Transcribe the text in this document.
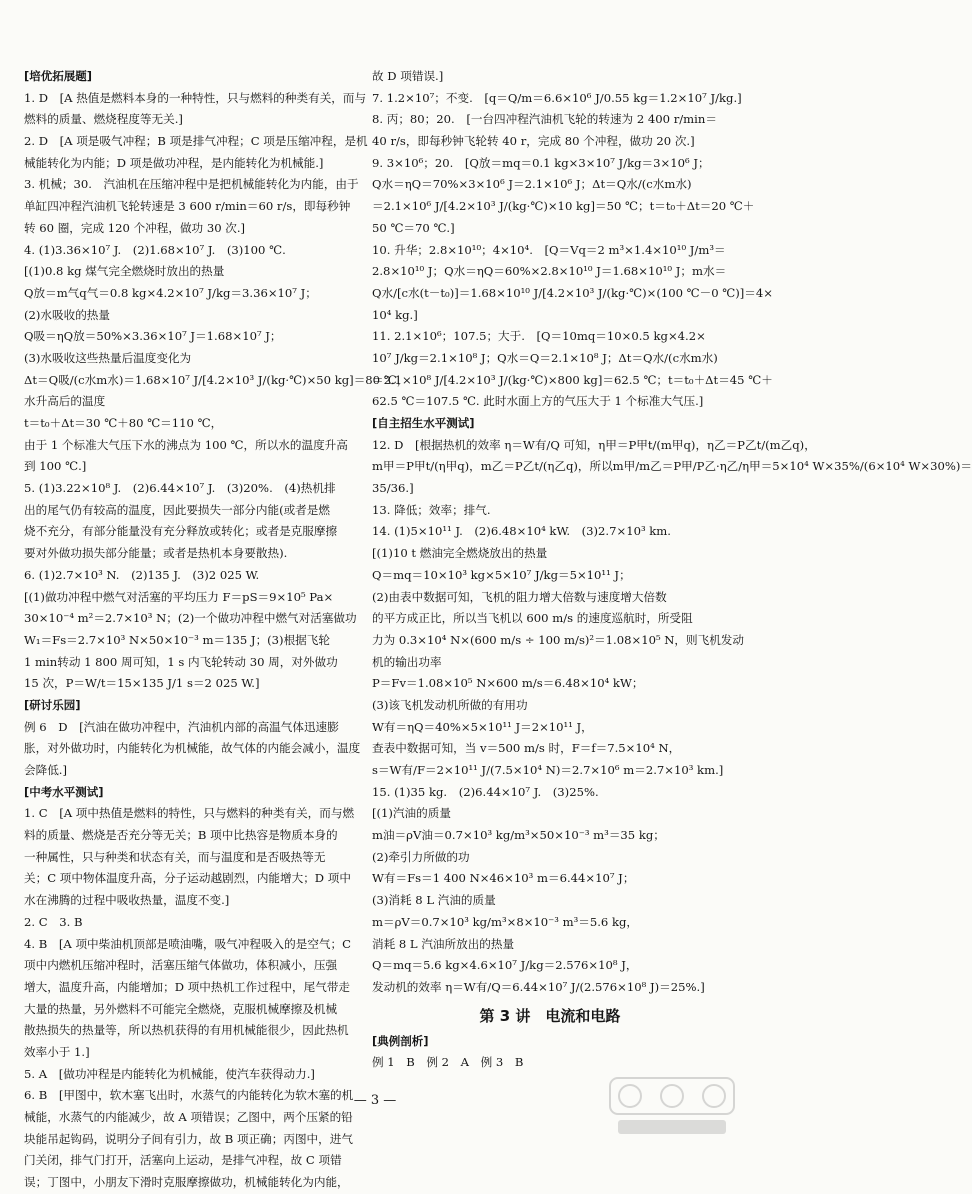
[培优拓展题]
1. D　[A 热值是燃料本身的一种特性，只与燃料的种类有关，而与
燃料的质量、燃烧程度等无关.]
2. D　[A 项是吸气冲程；B 项是排气冲程；C 项是压缩冲程，是机
械能转化为内能；D 项是做功冲程，是内能转化为机械能.]
3. 机械；30.　汽油机在压缩冲程中是把机械能转化为内能，由于
单缸四冲程汽油机飞轮转速是 3 600 r/min＝60 r/s，即每秒钟
转 60 圈，完成 120 个冲程，做功 30 次.]
4. (1)3.36×10⁷ J.　(2)1.68×10⁷ J.　(3)100 ℃.
[(1)0.8 kg 煤气完全燃烧时放出的热量
Q放＝m气q气＝0.8 kg×4.2×10⁷ J/kg＝3.36×10⁷ J；
(2)水吸收的热量
Q吸＝ηQ放＝50%×3.36×10⁷ J＝1.68×10⁷ J；
(3)水吸收这些热量后温度变化为
Δt＝Q吸/(c水m水)＝1.68×10⁷ J/[4.2×10³ J/(kg·℃)×50 kg]＝80 ℃，
水升高后的温度
t＝t₀＋Δt＝30 ℃＋80 ℃＝110 ℃，
由于 1 个标准大气压下水的沸点为 100 ℃，所以水的温度升高
到 100 ℃.]
5. (1)3.22×10⁸ J.　(2)6.44×10⁷ J.　(3)20%.　(4)热机排
出的尾气仍有较高的温度，因此要损失一部分内能(或者是燃
烧不充分，有部分能量没有充分释放或转化；或者是克服摩擦
要对外做功损失部分能量；或者是热机本身要散热).
6. (1)2.7×10³ N.　(2)135 J.　(3)2 025 W.
[(1)做功冲程中燃气对活塞的平均压力 F＝pS＝9×10⁵ Pa×
30×10⁻⁴ m²＝2.7×10³ N；(2)一个做功冲程中燃气对活塞做功
W₁＝Fs＝2.7×10³ N×50×10⁻³ m＝135 J；(3)根据飞轮
1 min转动 1 800 周可知，1 s 内飞轮转动 30 周，对外做功
15 次，P＝W/t＝15×135 J/1 s＝2 025 W.]
[研讨乐园]
例 6　D　[汽油在做功冲程中，汽油机内部的高温气体迅速膨
胀，对外做功时，内能转化为机械能，故气体的内能会减小，温度
会降低.]
[中考水平测试]
1. C　[A 项中热值是燃料的特性，只与燃料的种类有关，而与燃
料的质量、燃烧是否充分等无关；B 项中比热容是物质本身的
一种属性，只与种类和状态有关，而与温度和是否吸热等无
关；C 项中物体温度升高，分子运动越剧烈，内能增大；D 项中
水在沸腾的过程中吸收热量，温度不变.]
2. C　3. B
4. B　[A 项中柴油机顶部是喷油嘴，吸气冲程吸入的是空气；C
项中内燃机压缩冲程时，活塞压缩气体做功，体积减小，压强
增大，温度升高，内能增加；D 项中热机工作过程中，尾气带走
大量的热量，另外燃料不可能完全燃烧，克服机械摩擦及机械
散热损失的热量等，所以热机获得的有用机械能很少，因此热机
效率小于 1.]
5. A　[做功冲程是内能转化为机械能，使汽车获得动力.]
6. B　[甲图中，软木塞飞出时，水蒸气的内能转化为软木塞的机
械能，水蒸气的内能减少，故 A 项错误；乙图中，两个压紧的铅
块能吊起钩码，说明分子间有引力，故 B 项正确；丙图中，进气
门关闭，排气门打开，活塞向上运动，是排气冲程，故 C 项错
误；丁图中，小朋友下滑时克服摩擦做功，机械能转化为内能，
故 D 项错误.]
7. 1.2×10⁷；不变.　[q＝Q/m＝6.6×10⁶ J/0.55 kg＝1.2×10⁷ J/kg.]
8. 丙；80；20.　[一台四冲程汽油机飞轮的转速为 2 400 r/min＝
40 r/s，即每秒钟飞轮转 40 r，完成 80 个冲程，做功 20 次.]
9. 3×10⁶；20.　[Q放＝mq＝0.1 kg×3×10⁷ J/kg＝3×10⁶ J；
Q水＝ηQ＝70%×3×10⁶ J＝2.1×10⁶ J；Δt＝Q水/(c水m水)
＝2.1×10⁶ J/[4.2×10³ J/(kg·℃)×10 kg]＝50 ℃；t＝t₀＋Δt＝20 ℃＋
50 ℃＝70 ℃.]
10. 升华；2.8×10¹⁰；4×10⁴.　[Q＝Vq＝2 m³×1.4×10¹⁰ J/m³＝
2.8×10¹⁰ J；Q水＝ηQ＝60%×2.8×10¹⁰ J＝1.68×10¹⁰ J；m水＝
Q水/[c水(t－t₀)]＝1.68×10¹⁰ J/[4.2×10³ J/(kg·℃)×(100 ℃－0 ℃)]＝4×
10⁴ kg.]
11. 2.1×10⁶；107.5；大于.　[Q＝10mq＝10×0.5 kg×4.2×
10⁷ J/kg＝2.1×10⁸ J；Q水＝Q＝2.1×10⁸ J；Δt＝Q水/(c水m水)
＝2.1×10⁸ J/[4.2×10³ J/(kg·℃)×800 kg]＝62.5 ℃；t＝t₀＋Δt＝45 ℃＋
62.5 ℃＝107.5 ℃. 此时水面上方的气压大于 1 个标准大气压.]
[自主招生水平测试]
12. D　[根据热机的效率 η＝W有/Q 可知，η甲＝P甲t/(m甲q)，η乙＝P乙t/(m乙q)，
m甲＝P甲t/(η甲q)，m乙＝P乙t/(η乙q)，所以m甲/m乙＝P甲/P乙·η乙/η甲＝5×10⁴ W×35%/(6×10⁴ W×30%)＝
35/36.]
13. 降低；效率；排气.
14. (1)5×10¹¹ J.　(2)6.48×10⁴ kW.　(3)2.7×10³ km.
[(1)10 t 燃油完全燃烧放出的热量
Q＝mq＝10×10³ kg×5×10⁷ J/kg＝5×10¹¹ J；
(2)由表中数据可知，飞机的阻力增大倍数与速度增大倍数
的平方成正比，所以当飞机以 600 m/s 的速度巡航时，所受阻
力为 0.3×10⁴ N×(600 m/s ÷ 100 m/s)²＝1.08×10⁵ N，则飞机发动
机的输出功率
P＝Fv＝1.08×10⁵ N×600 m/s＝6.48×10⁴ kW；
(3)该飞机发动机所做的有用功
W有＝ηQ＝40%×5×10¹¹ J＝2×10¹¹ J，
查表中数据可知，当 v＝500 m/s 时，F＝f＝7.5×10⁴ N，
s＝W有/F＝2×10¹¹ J/(7.5×10⁴ N)＝2.7×10⁶ m＝2.7×10³ km.]
15. (1)35 kg.　(2)6.44×10⁷ J.　(3)25%.
[(1)汽油的质量
m油＝ρV油＝0.7×10³ kg/m³×50×10⁻³ m³＝35 kg；
(2)牵引力所做的功
W有＝Fs＝1 400 N×46×10³ m＝6.44×10⁷ J；
(3)消耗 8 L 汽油的质量
m＝ρV＝0.7×10³ kg/m³×8×10⁻³ m³＝5.6 kg，
消耗 8 L 汽油所放出的热量
Q＝mq＝5.6 kg×4.6×10⁷ J/kg＝2.576×10⁸ J，
发动机的效率 η＝W有/Q＝6.44×10⁷ J/(2.576×10⁸ J)＝25%.]
第 3 讲　电流和电路
[典例剖析]
例 1　B　例 2　A　例 3　B
— 3 —
